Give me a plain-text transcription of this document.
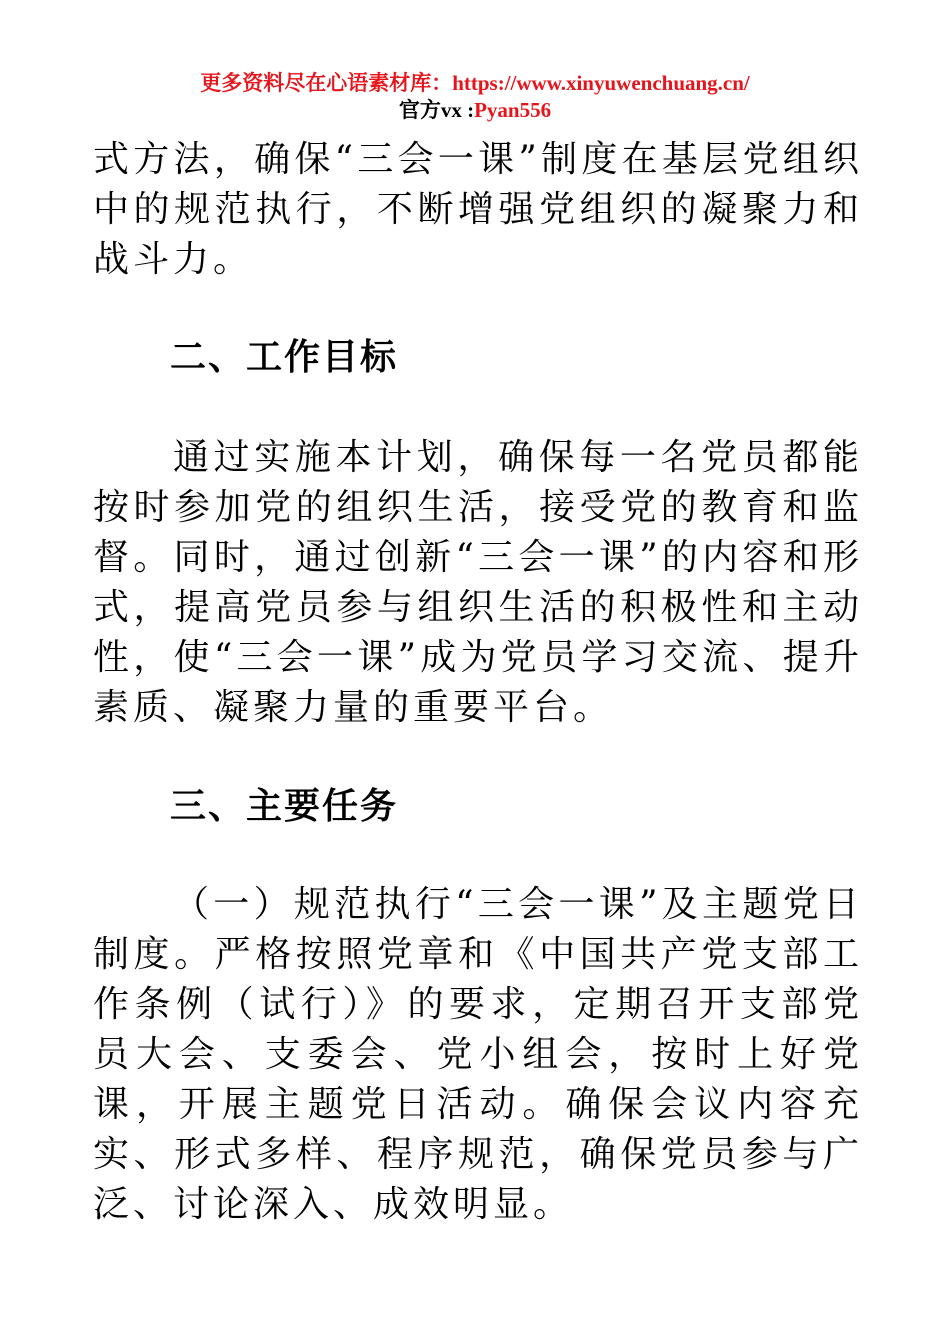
更多资料尽在心语素材库：https://www.xinyuwenchuang.cn/
官方vx :Pyan556

式方法，确保“三会一课”制度在基层党组织中的规范执行，不断增强党组织的凝聚力和战斗力。

二、工作目标

通过实施本计划，确保每一名党员都能按时参加党的组织生活，接受党的教育和监督。同时，通过创新“三会一课”的内容和形式，提高党员参与组织生活的积极性和主动性，使“三会一课”成为党员学习交流、提升素质、凝聚力量的重要平台。

三、主要任务

（一）规范执行“三会一课”及主题党日制度。严格按照党章和《中国共产党支部工作条例（试行）》的要求，定期召开支部党员大会、支委会、党小组会，按时上好党课，开展主题党日活动。确保会议内容充实、形式多样、程序规范，确保党员参与广泛、讨论深入、成效明显。
